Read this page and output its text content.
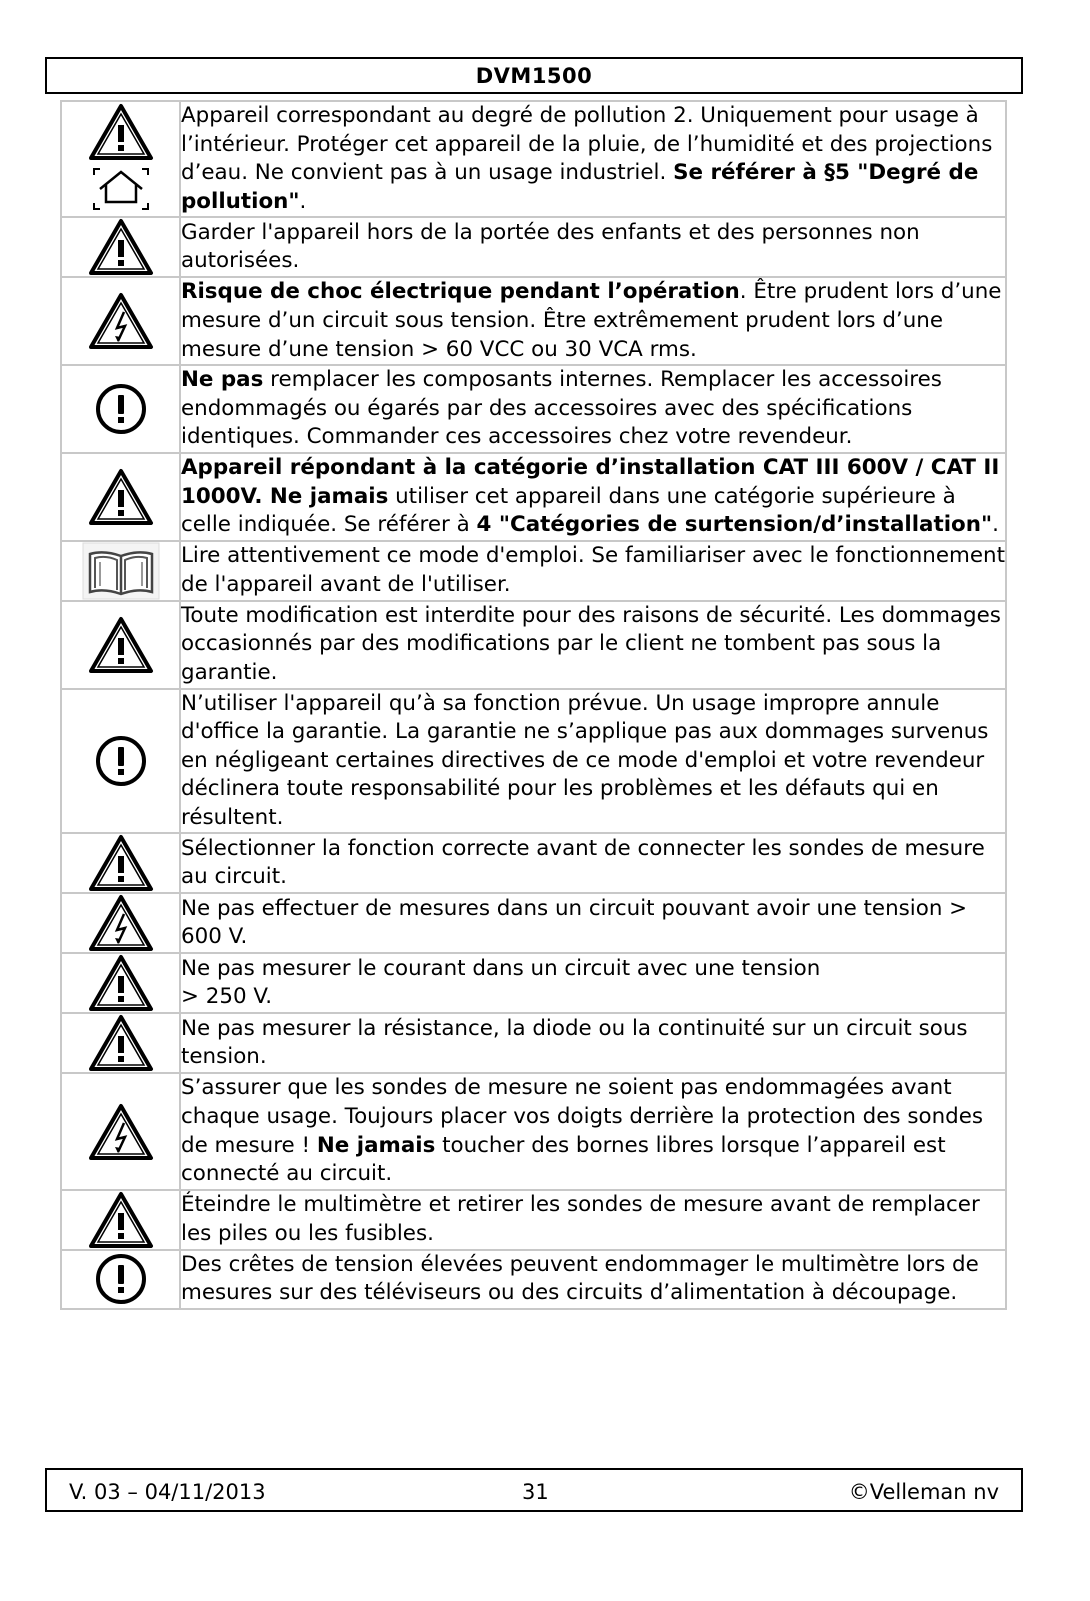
DVM1500
	Appareil correspondant au degré de pollution 2. Uniquement pour usage à l’intérieur. Protéger cet appareil de la pluie, de l’humidité et des projections d’eau. Ne convient pas à un usage industriel. Se référer à §5 "Degré de pollution".

	Garder l'appareil hors de la portée des enfants et des personnes non autorisées.

	Risque de choc électrique pendant l’opération. Être prudent lors d’une mesure d’un circuit sous tension. Être extrêmement prudent lors d’une mesure d’une tension > 60 VCC ou 30 VCA rms.

	Ne pas remplacer les composants internes. Remplacer les accessoires endommagés ou égarés par des accessoires avec des spécifications identiques. Commander ces accessoires chez votre revendeur.

	Appareil répondant à la catégorie d’installation CAT III 600V / CAT II 1000V. Ne jamais utiliser cet appareil dans une catégorie supérieure à celle indiquée. Se référer à 4 "Catégories de surtension/d’installation".

	Lire attentivement ce mode d'emploi. Se familiariser avec le fonctionnement de l'appareil avant de l'utiliser.

	Toute modification est interdite pour des raisons de sécurité. Les dommages occasionnés par des modifications par le client ne tombent pas sous la garantie.

	N’utiliser l'appareil qu’à sa fonction prévue. Un usage impropre annule d'office la garantie. La garantie ne s’applique pas aux dommages survenus en négligeant certaines directives de ce mode d'emploi et votre revendeur déclinera toute responsabilité pour les problèmes et les défauts qui en résultent.

	Sélectionner la fonction correcte avant de connecter les sondes de mesure au circuit.

	Ne pas effectuer de mesures dans un circuit pouvant avoir une tension > 600 V.

	Ne pas mesurer le courant dans un circuit avec une tension
> 250 V.

	Ne pas mesurer la résistance, la diode ou la continuité sur un circuit sous tension.

	S’assurer que les sondes de mesure ne soient pas endommagées avant chaque usage. Toujours placer vos doigts derrière la protection des sondes de mesure ! Ne jamais toucher des bornes libres lorsque l’appareil est connecté au circuit.

	Éteindre le multimètre et retirer les sondes de mesure avant de remplacer les piles ou les fusibles.

	Des crêtes de tension élevées peuvent endommager le multimètre lors de mesures sur des téléviseurs ou des circuits d’alimentation à découpage.
V. 03 – 04/11/2013	31	©Velleman nv
